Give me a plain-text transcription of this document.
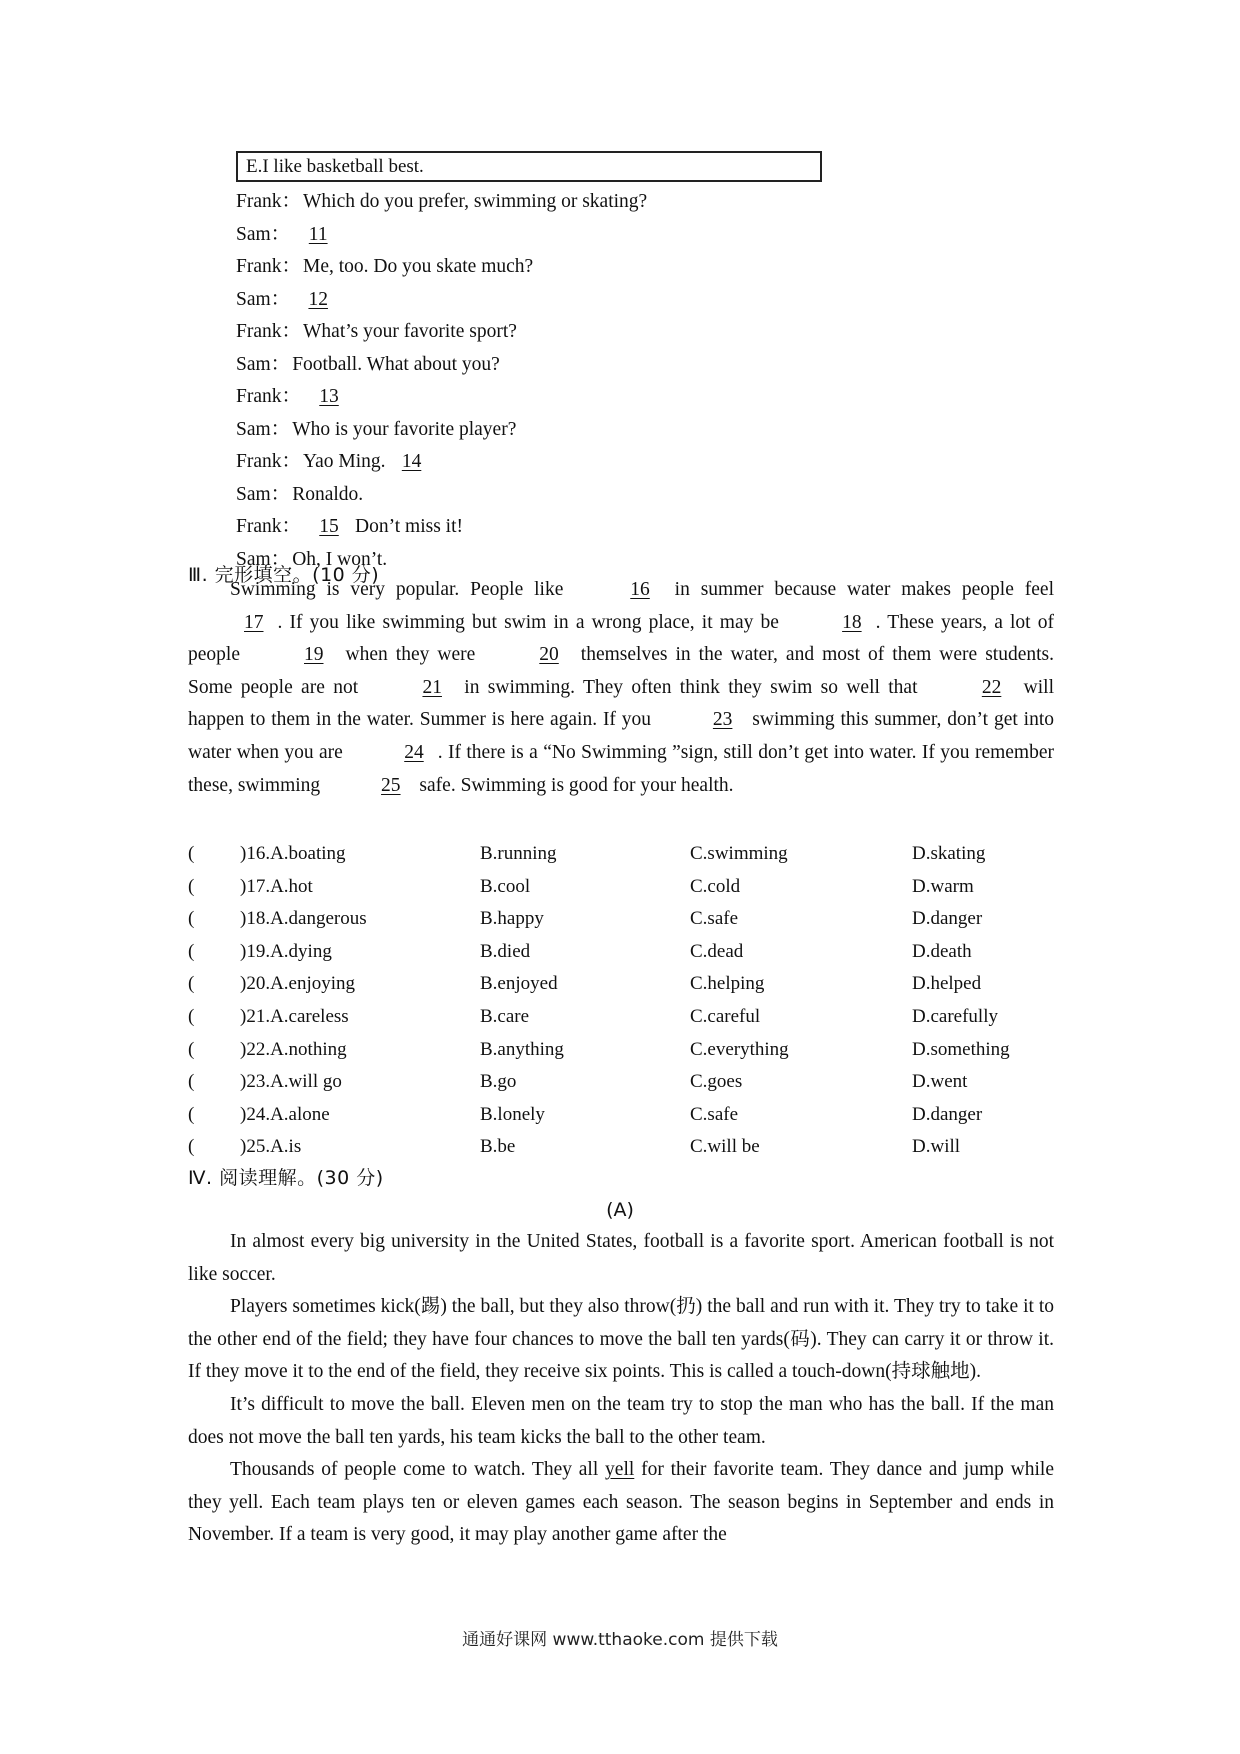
E.I like basketball best.
Frank： Which do you prefer, swimming or skating?
Sam： 11
Frank： Me, too. Do you skate much?
Sam： 12
Frank： What’s your favorite sport?
Sam： Football. What about you?
Frank： 13
Sam： Who is your favorite player?
Frank： Yao Ming. 14
Sam： Ronaldo.
Frank： 15 Don’t miss it!
Sam： Oh, I won’t.
Ⅲ. 完形填空。(10 分)

Swimming is very popular. People like	16 in summer because water makes people feel 17 . If you like swimming but swim in a wrong place, it may be	18 . These years, a lot of people	19 when they were	20 themselves in the water, and most of them were students. Some people are not	21 in swimming. They often think they swim so well that	22 will happen to them in the water. Summer is here again. If you	23 swimming this summer, don’t get into water when you are	24 . If there is a “No Swimming ”sign, still don’t get into water. If you remember these, swimming	25 safe. Swimming is good for your health.

( )16.A.boating	B.running	C.swimming	D.skating
( )17.A.hot	B.cool	C.cold	D.warm
( )18.A.dangerous	B.happy	C.safe	D.danger
( )19.A.dying	B.died	C.dead	D.death
( )20.A.enjoying	B.enjoyed	C.helping	D.helped
( )21.A.careless	B.care	C.careful	D.carefully
( )22.A.nothing	B.anything	C.everything	D.something
( )23.A.will go	B.go	C.goes	D.went
( )24.A.alone	B.lonely	C.safe	D.danger
( )25.A.is	B.be	C.will be	D.will
Ⅳ. 阅读理解。(30 分)
(A)

In almost every big university in the United States, football is a favorite sport. American football is not like soccer.

Players sometimes kick(踢) the ball, but they also throw(扔) the ball and run with it. They try to take it to the other end of the field; they have four chances to move the ball ten yards(码). They can carry it or throw it. If they move it to the end of the field, they receive six points. This is called a touch-down(持球触地).

It’s difficult to move the ball. Eleven men on the team try to stop the man who has the ball. If the man does not move the ball ten yards, his team kicks the ball to the other team.

Thousands of people come to watch. They all yell for their favorite team. They dance and jump while they yell. Each team plays ten or eleven games each season. The season begins in September and ends in November. If a team is very good, it may play another game after the

通通好课网 www.tthaoke.com 提供下载
